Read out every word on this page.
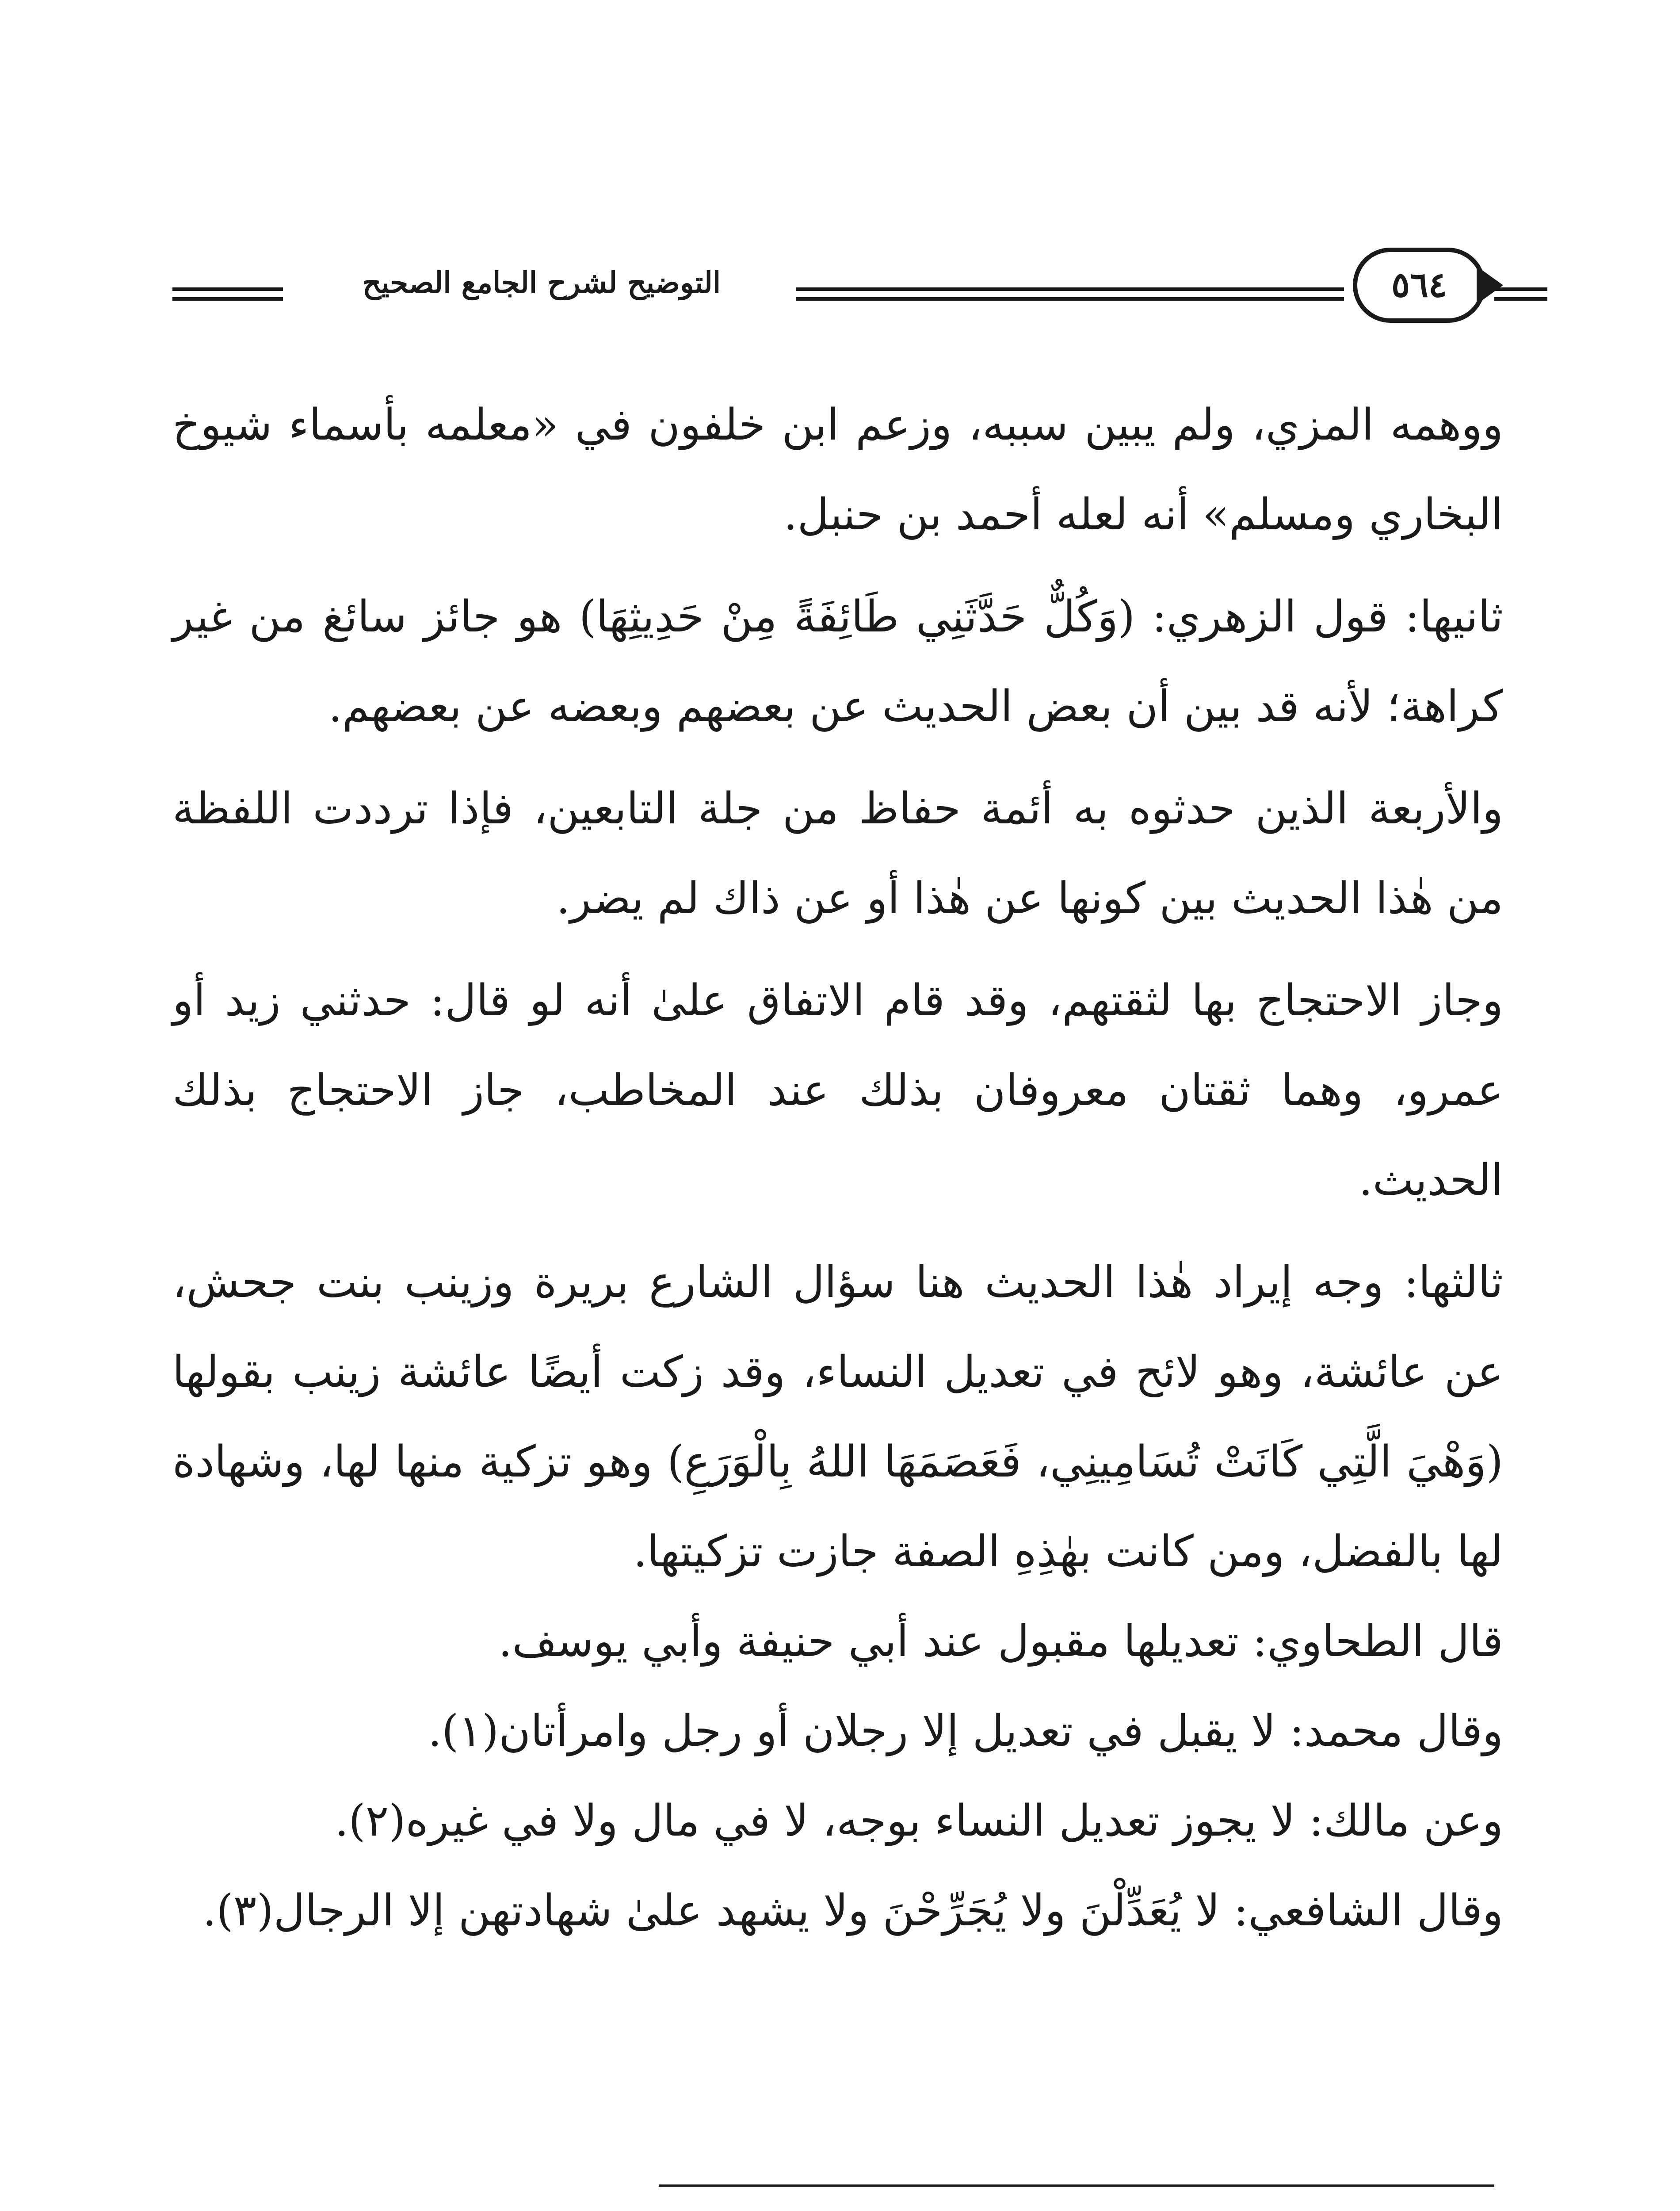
التوضيح لشرح الجامع الصحيح	٥٦٤

ووهمه المزي، ولم يبين سببه، وزعم ابن خلفون في «معلمه بأسماء شيوخ البخاري ومسلم» أنه لعله أحمد بن حنبل.

ثانيها: قول الزهري: (وَكُلٌّ حَدَّثَنِي طَائِفَةً مِنْ حَدِيثِهَا) هو جائز سائغ من غير كراهة؛ لأنه قد بين أن بعض الحديث عن بعضهم وبعضه عن بعضهم.

والأربعة الذين حدثوه به أئمة حفاظ من جلة التابعين، فإذا ترددت اللفظة من هٰذا الحديث بين كونها عن هٰذا أو عن ذاك لم يضر.

وجاز الاحتجاج بها لثقتهم، وقد قام الاتفاق علىٰ أنه لو قال: حدثني زيد أو عمرو، وهما ثقتان معروفان بذلك عند المخاطب، جاز الاحتجاج بذلك الحديث.

ثالثها: وجه إيراد هٰذا الحديث هنا سؤال الشارع بريرة وزينب بنت جحش، عن عائشة، وهو لائح في تعديل النساء، وقد زكت أيضًا عائشة زينب بقولها (وَهْيَ الَّتِي كَانَتْ تُسَامِينِي، فَعَصَمَهَا اللهُ بِالْوَرَعِ) وهو تزكية منها لها، وشهادة لها بالفضل، ومن كانت بهٰذِهِ الصفة جازت تزكيتها.

قال الطحاوي: تعديلها مقبول عند أبي حنيفة وأبي يوسف.

وقال محمد: لا يقبل في تعديل إلا رجلان أو رجل وامرأتان(١).

وعن مالك: لا يجوز تعديل النساء بوجه، لا في مال ولا في غيره(٢).

وقال الشافعي: لا يُعَدِّلْنَ ولا يُجَرِّحْنَ ولا يشهد علىٰ شهادتهن إلا الرجال(٣).
